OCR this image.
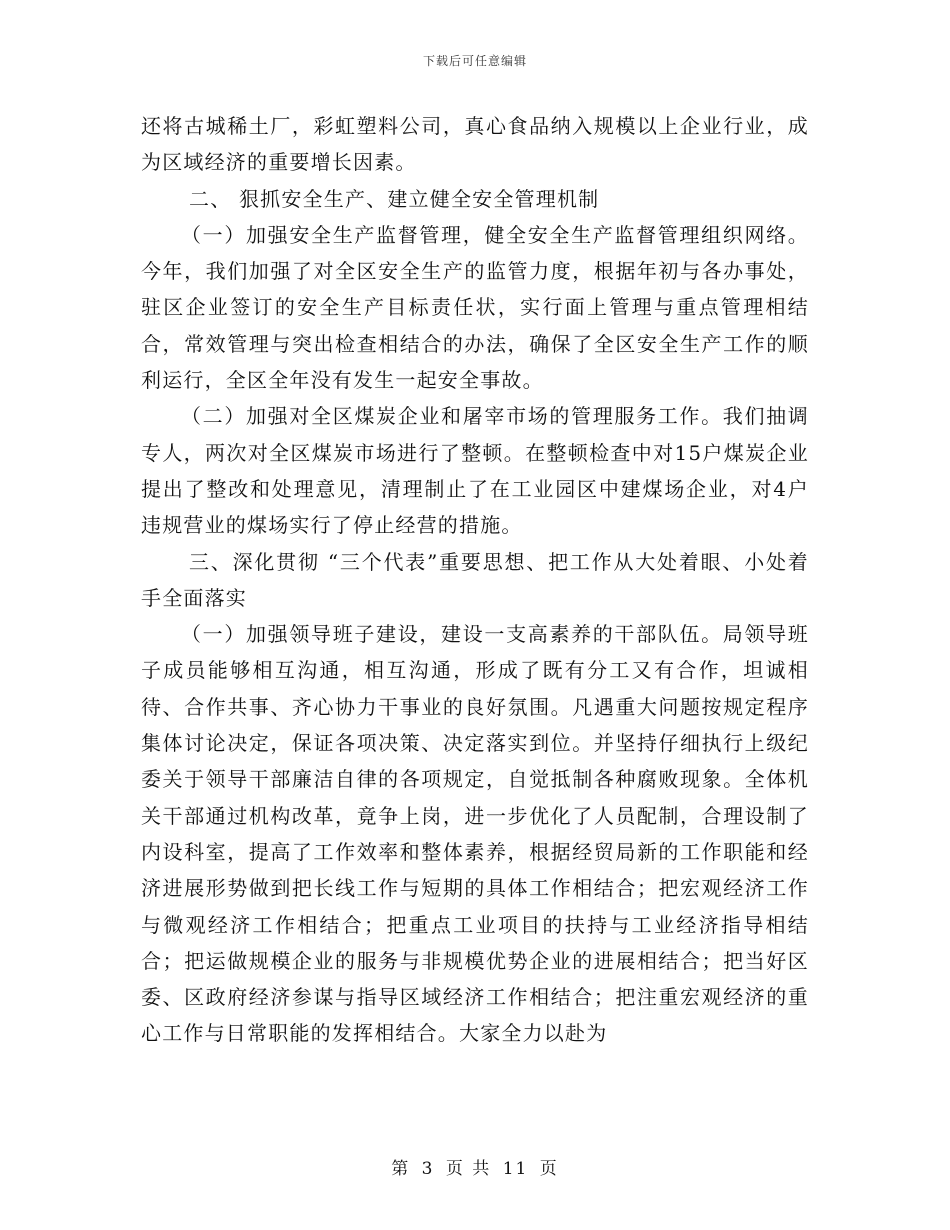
下载后可任意编辑

还将古城稀土厂，彩虹塑料公司，真心食品纳入规模以上企业行业，成为区域经济的重要增长因素。

二、 狠抓安全生产、建立健全安全管理机制

（一）加强安全生产监督管理，健全安全生产监督管理组织网络。今年，我们加强了对全区安全生产的监管力度，根据年初与各办事处，驻区企业签订的安全生产目标责任状，实行面上管理与重点管理相结合，常效管理与突出检查相结合的办法，确保了全区安全生产工作的顺利运行，全区全年没有发生一起安全事故。

（二）加强对全区煤炭企业和屠宰市场的管理服务工作。我们抽调专人，两次对全区煤炭市场进行了整顿。在整顿检查中对15户煤炭企业提出了整改和处理意见，清理制止了在工业园区中建煤场企业，对4户违规营业的煤场实行了停止经营的措施。

三、深化贯彻 “三个代表”重要思想、把工作从大处着眼、小处着手全面落实

（一）加强领导班子建设，建设一支高素养的干部队伍。局领导班子成员能够相互沟通，相互沟通，形成了既有分工又有合作，坦诚相待、合作共事、齐心协力干事业的良好氛围。凡遇重大问题按规定程序集体讨论决定，保证各项决策、决定落实到位。并坚持仔细执行上级纪委关于领导干部廉洁自律的各项规定，自觉抵制各种腐败现象。全体机关干部通过机构改革，竟争上岗，进一步优化了人员配制，合理设制了内设科室，提高了工作效率和整体素养，根据经贸局新的工作职能和经济进展形势做到把长线工作与短期的具体工作相结合；把宏观经济工作与微观经济工作相结合；把重点工业项目的扶持与工业经济指导相结合；把运做规模企业的服务与非规模优势企业的进展相结合；把当好区委、区政府经济参谋与指导区域经济工作相结合；把注重宏观经济的重心工作与日常职能的发挥相结合。大家全力以赴为

第 3 页 共 11 页
